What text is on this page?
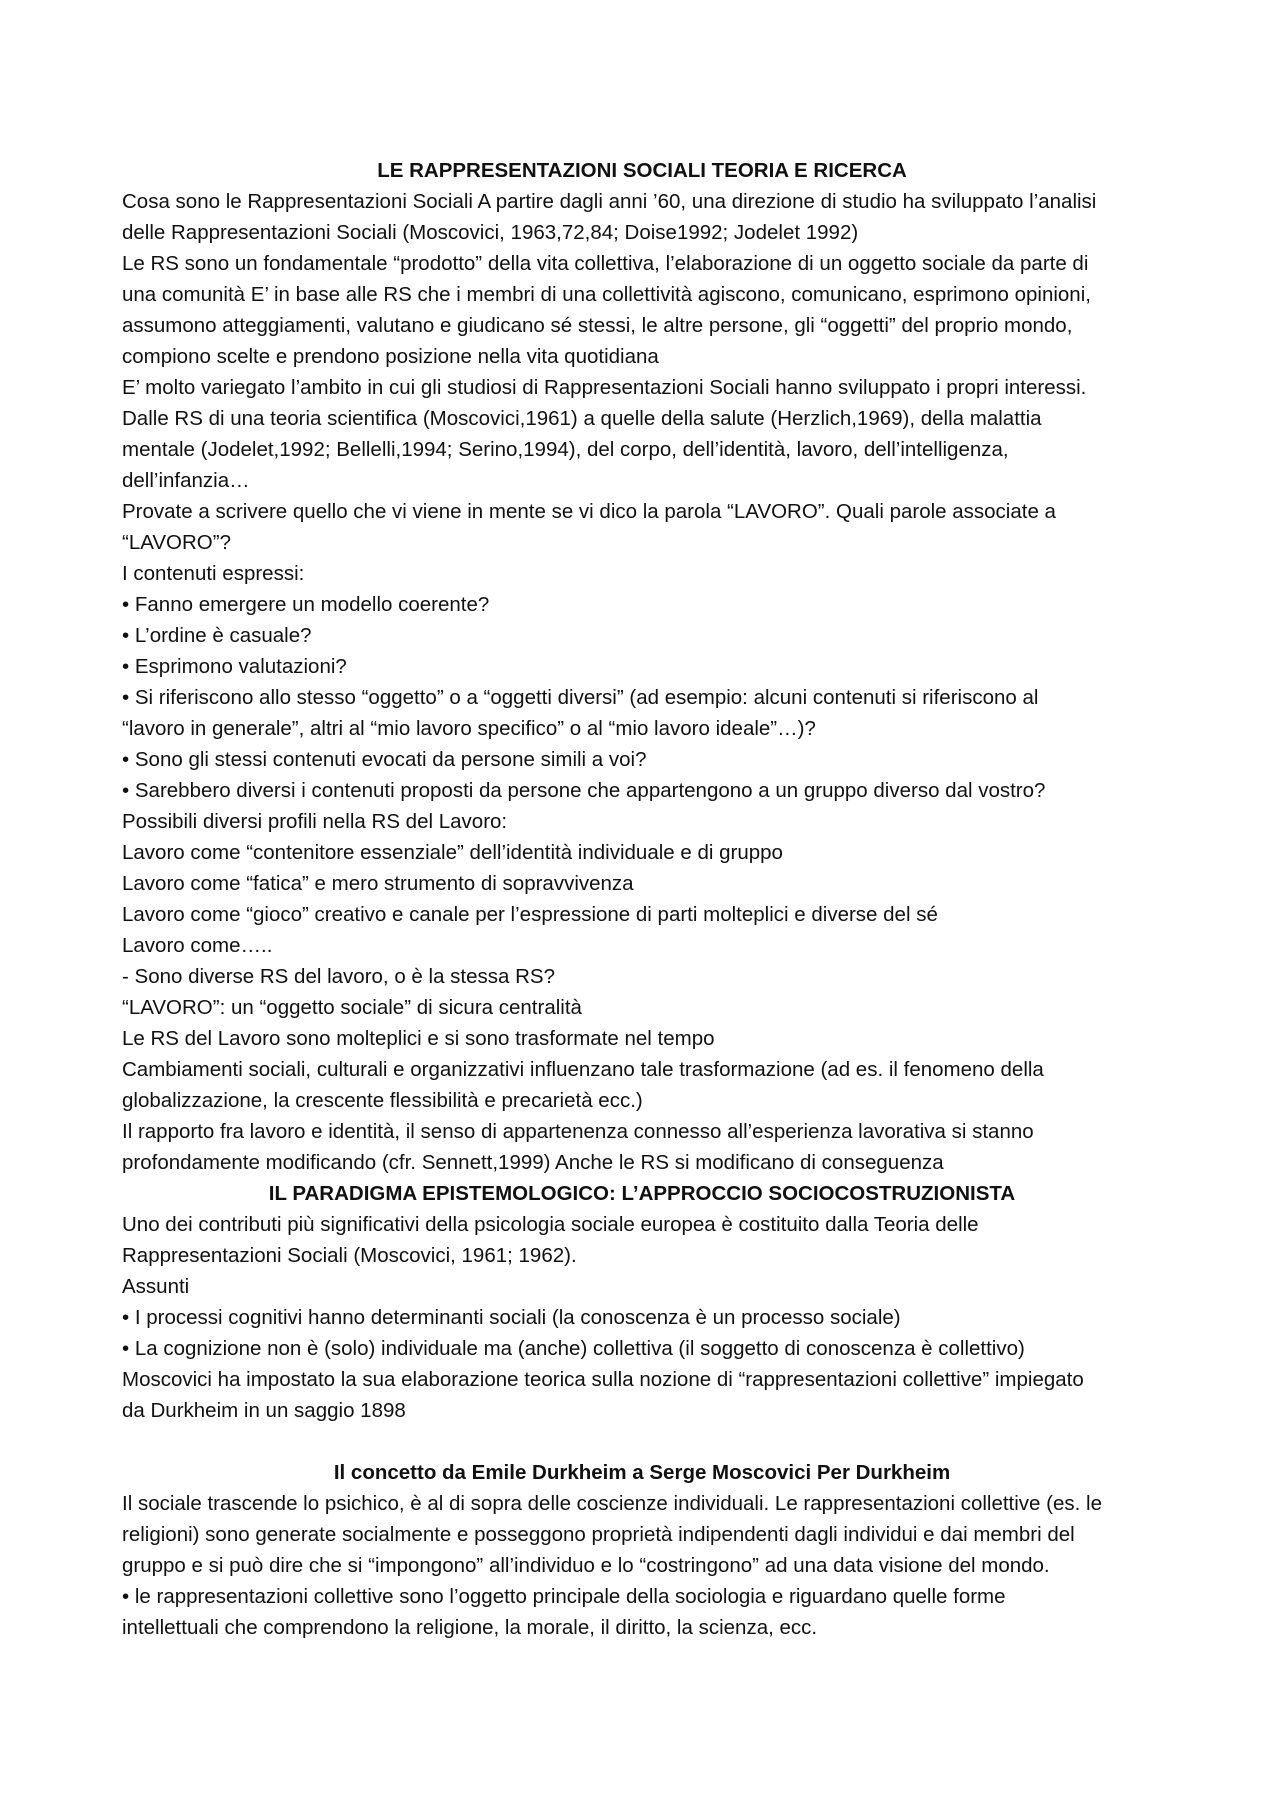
LE RAPPRESENTAZIONI SOCIALI TEORIA E RICERCA
Cosa sono le Rappresentazioni Sociali A partire dagli anni ’60, una direzione di studio ha sviluppato l’analisi
delle Rappresentazioni Sociali (Moscovici, 1963,72,84; Doise1992; Jodelet 1992)
Le RS sono un fondamentale “prodotto” della vita collettiva, l’elaborazione di un oggetto sociale da parte di
una comunità E’ in base alle RS che i membri di una collettività agiscono, comunicano, esprimono opinioni,
assumono atteggiamenti, valutano e giudicano sé stessi, le altre persone, gli “oggetti” del proprio mondo,
compiono scelte e prendono posizione nella vita quotidiana
E’ molto variegato l’ambito in cui gli studiosi di Rappresentazioni Sociali hanno sviluppato i propri interessi.
Dalle RS di una teoria scientifica (Moscovici,1961) a quelle della salute (Herzlich,1969), della malattia
mentale (Jodelet,1992; Bellelli,1994; Serino,1994), del corpo, dell’identità, lavoro, dell’intelligenza,
dell’infanzia…
Provate a scrivere quello che vi viene in mente se vi dico la parola “LAVORO”. Quali parole associate a
“LAVORO”?
I contenuti espressi:
• Fanno emergere un modello coerente?
• L’ordine è casuale?
• Esprimono valutazioni?
• Si riferiscono allo stesso “oggetto” o a “oggetti diversi” (ad esempio: alcuni contenuti si riferiscono al
“lavoro in generale”, altri al “mio lavoro specifico” o al “mio lavoro ideale”…)?
• Sono gli stessi contenuti evocati da persone simili a voi?
• Sarebbero diversi i contenuti proposti da persone che appartengono a un gruppo diverso dal vostro?
Possibili diversi profili nella RS del Lavoro:
Lavoro come “contenitore essenziale” dell’identità individuale e di gruppo
Lavoro come “fatica” e mero strumento di sopravvivenza
Lavoro come “gioco” creativo e canale per l’espressione di parti molteplici e diverse del sé
Lavoro come…..
- Sono diverse RS del lavoro, o è la stessa RS?
“LAVORO”: un “oggetto sociale” di sicura centralità
Le RS del Lavoro sono molteplici e si sono trasformate nel tempo
Cambiamenti sociali, culturali e organizzativi influenzano tale trasformazione (ad es. il fenomeno della
globalizzazione, la crescente flessibilità e precarietà ecc.)
Il rapporto fra lavoro e identità, il senso di appartenenza connesso all’esperienza lavorativa si stanno
profondamente modificando (cfr. Sennett,1999) Anche le RS si modificano di conseguenza
IL PARADIGMA EPISTEMOLOGICO: L’APPROCCIO SOCIOCOSTRUZIONISTA
Uno dei contributi più significativi della psicologia sociale europea è costituito dalla Teoria delle
Rappresentazioni Sociali (Moscovici, 1961; 1962).
Assunti
• I processi cognitivi hanno determinanti sociali (la conoscenza è un processo sociale)
• La cognizione non è (solo) individuale ma (anche) collettiva (il soggetto di conoscenza è collettivo)
Moscovici ha impostato la sua elaborazione teorica sulla nozione di “rappresentazioni collettive” impiegato
da Durkheim in un saggio 1898
Il concetto da Emile Durkheim a Serge Moscovici Per Durkheim
Il sociale trascende lo psichico, è al di sopra delle coscienze individuali. Le rappresentazioni collettive (es. le
religioni) sono generate socialmente e posseggono proprietà indipendenti dagli individui e dai membri del
gruppo e si può dire che si “impongono” all’individuo e lo “costringono” ad una data visione del mondo.
• le rappresentazioni collettive sono l’oggetto principale della sociologia e riguardano quelle forme
intellettuali che comprendono la religione, la morale, il diritto, la scienza, ecc.
